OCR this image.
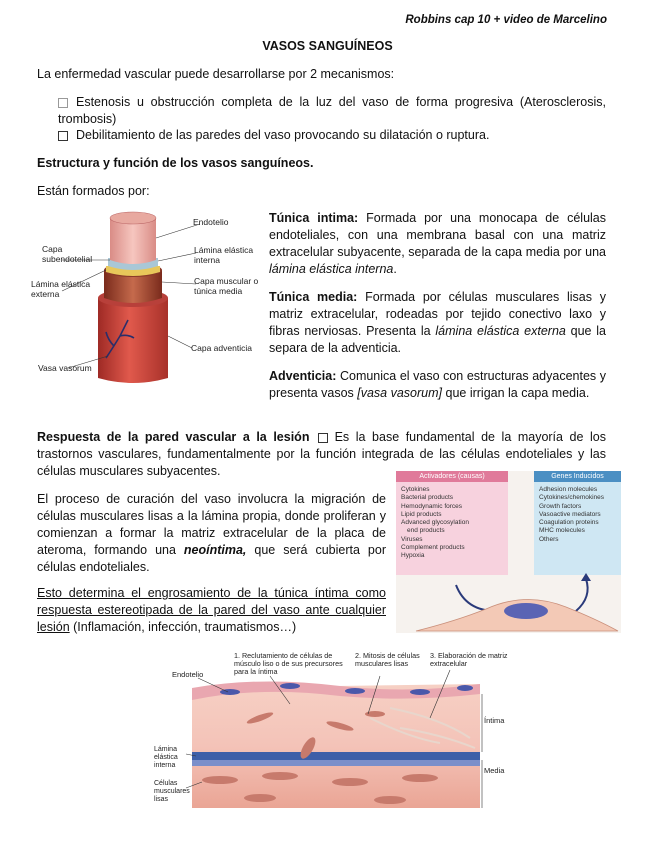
Robbins cap 10 + video de Marcelino
VASOS SANGUÍNEOS
La enfermedad vascular puede desarrollarse por 2 mecanismos:
Estenosis u obstrucción completa de la luz del vaso de forma progresiva (Aterosclerosis, trombosis)
Debilitamiento de las paredes del vaso provocando su dilatación o ruptura.
Estructura y función de los vasos sanguíneos.
Están formados por:
Endotelio
Capa subendotelial
Lámina elástica interna
Lámina elástica externa
Capa muscular o túnica media
Capa adventicia
Vasa vasorum
Túnica intima: Formada por una monocapa de células endoteliales, con una membrana basal con una matriz extracelular subyacente, separada de la capa media por una lámina elástica interna.
Túnica media: Formada por células musculares lisas y matriz extracelular, rodeadas por tejido conectivo laxo y fibras nerviosas. Presenta la lámina elástica externa que la separa de la adventicia.
Adventicia: Comunica el vaso con estructuras adyacentes y presenta vasos [vasa vasorum] que irrigan la capa media.
Respuesta de la pared vascular a la lesión  Es la base fundamental de la mayoría de los trastornos vasculares, fundamentalmente por la función integrada de las células endoteliales y las células musculares subyacentes.
El proceso de curación del vaso involucra la migración de células musculares lisas a la lámina propia, donde proliferan y comienzan a formar la matriz extracelular de la placa de ateroma, formando una neoíntima, que será cubierta por células endoteliales.
Esto determina el engrosamiento de la túnica íntima como respuesta estereotipada de la pared del vaso ante cualquier lesión (Inflamación, infección, traumatismos…)
Activadores (causas)
Cytokines
Bacterial products
Hemodynamic forces
Lipid products
Advanced glycosylation
end products
Viruses
Complement products
Hypoxia
Genes Inducidos
Adhesion molecules
Cytokines/chemokines
Growth factors
Vasoactive mediators
Coagulation proteins
MHC molecules
Others
1. Reclutamiento de células de músculo liso o de sus precursores para la íntima
2. Mitosis de células musculares lisas
3. Elaboración de matriz extracelular
Endotelio
Lámina elástica interna
Células musculares lisas
Íntima
Media
